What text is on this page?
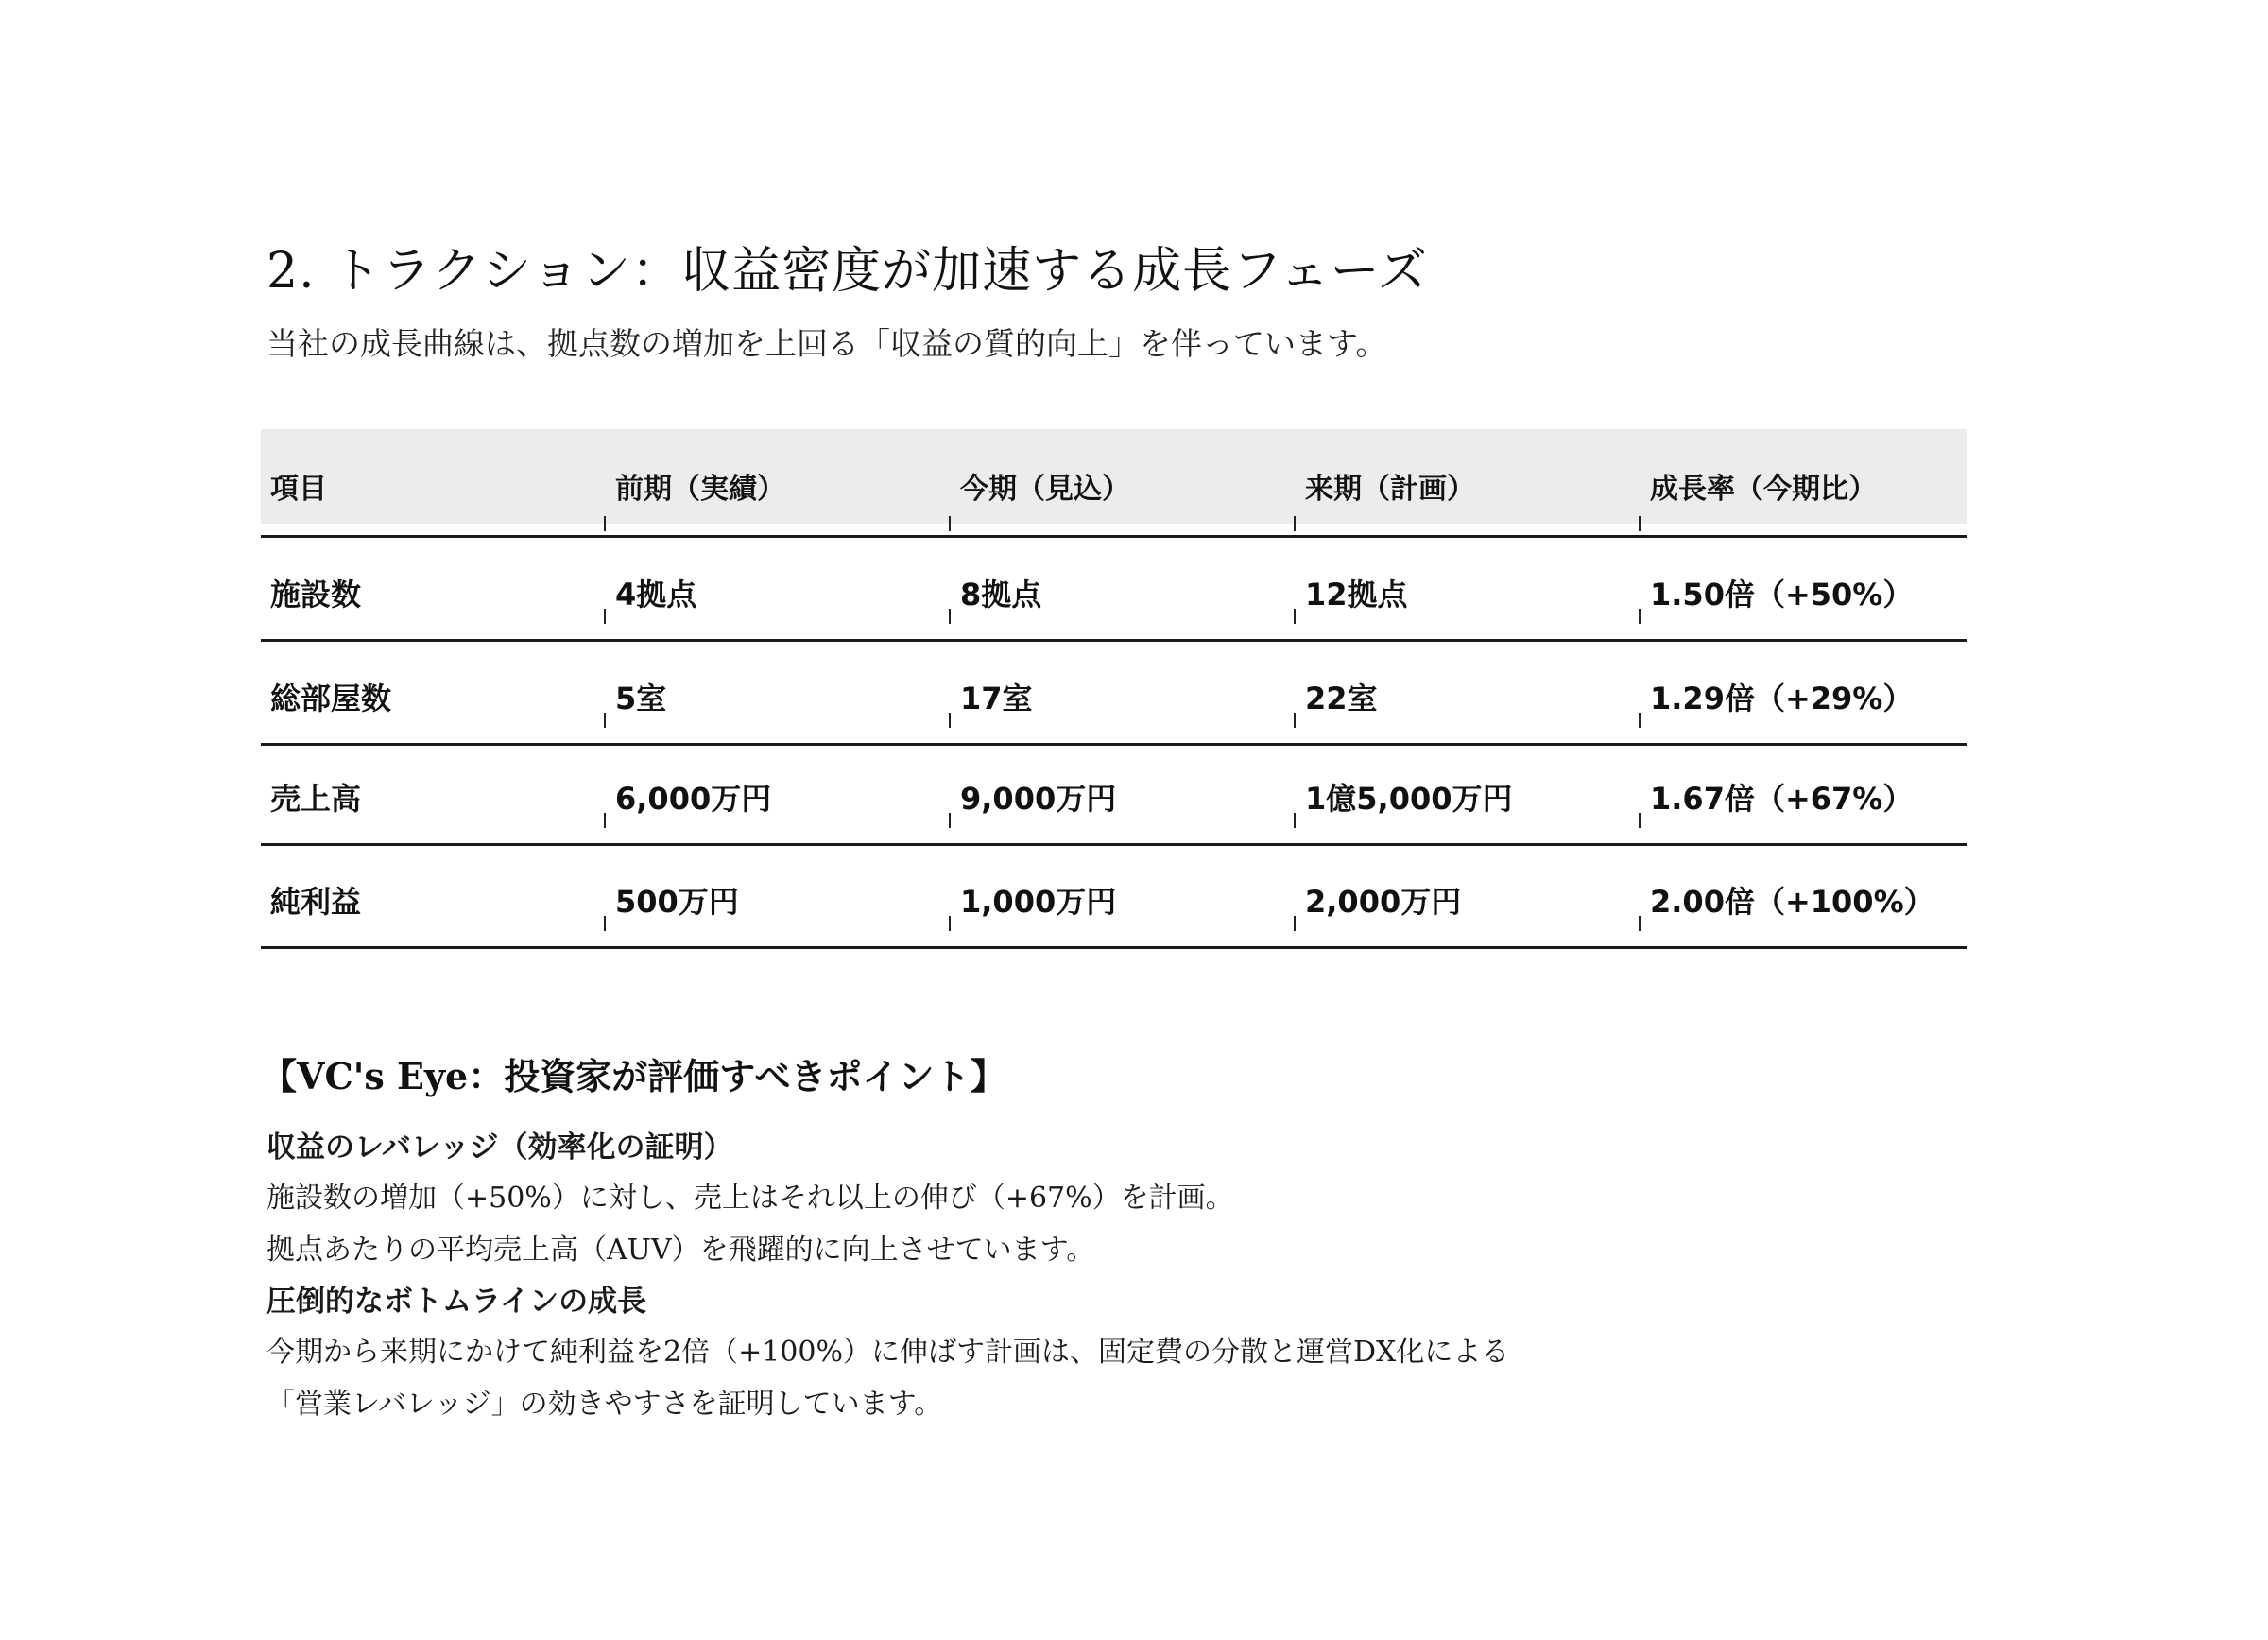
2. トラクション：収益密度が加速する成長フェーズ
当社の成長曲線は、拠点数の増加を上回る「収益の質的向上」を伴っています。
項目	前期（実績）	今期（見込）	来期（計画）	成長率（今期比）
施設数	4拠点	8拠点	12拠点	1.50倍（+50%）
総部屋数	5室	17室	22室	1.29倍（+29%）
売上高	6,000万円	9,000万円	1億5,000万円	1.67倍（+67%）
純利益	500万円	1,000万円	2,000万円	2.00倍（+100%）
【VC's Eye：投資家が評価すべきポイント】
収益のレバレッジ（効率化の証明）
施設数の増加（+50%）に対し、売上はそれ以上の伸び（+67%）を計画。
拠点あたりの平均売上高（AUV）を飛躍的に向上させています。
圧倒的なボトムラインの成長
今期から来期にかけて純利益を2倍（+100%）に伸ばす計画は、固定費の分散と運営DX化による
「営業レバレッジ」の効きやすさを証明しています。
